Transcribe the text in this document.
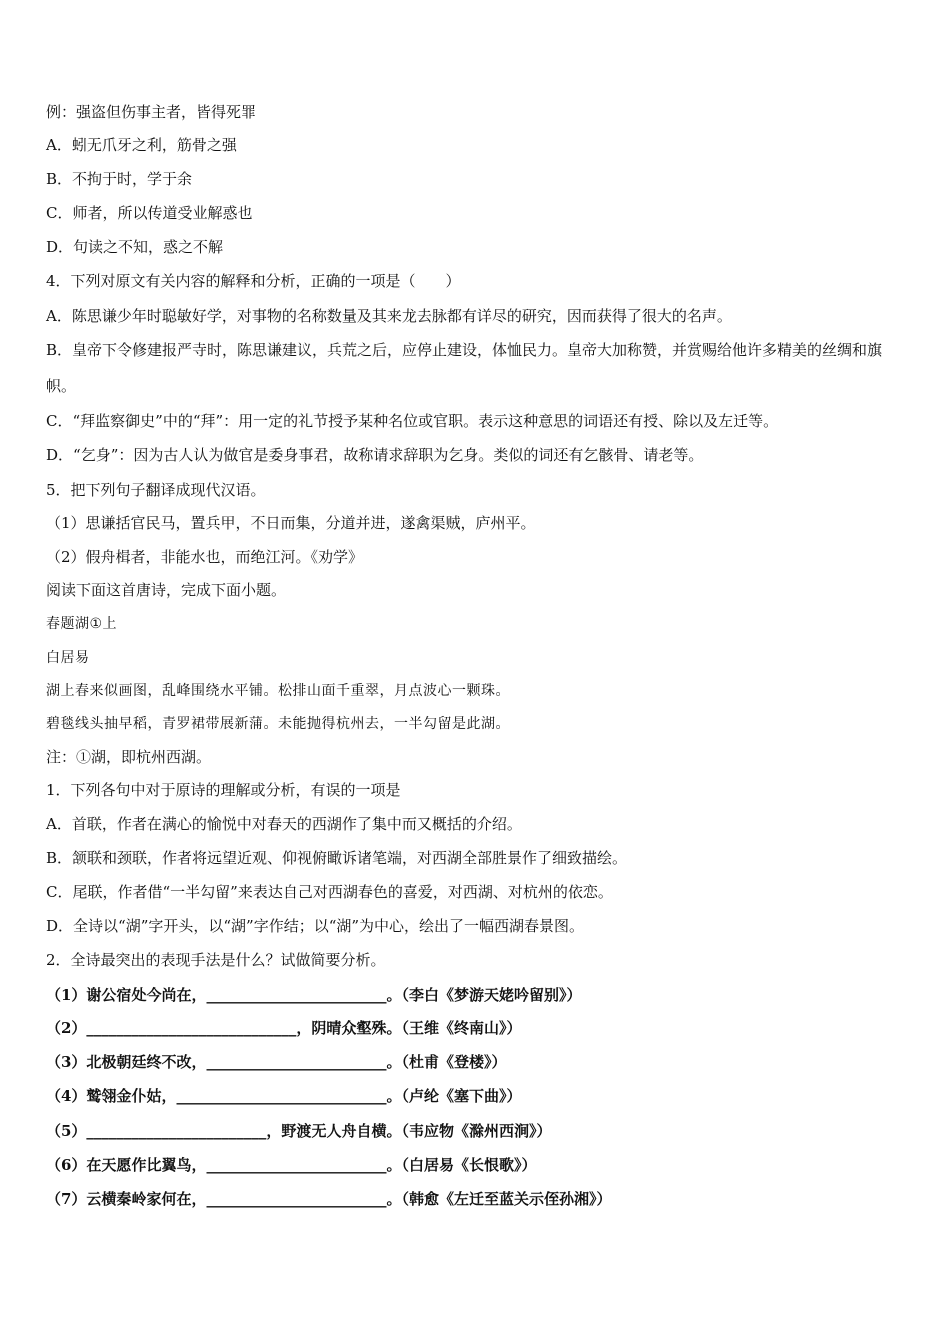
例：强盗但伤事主者，皆得死罪
A．蚓无爪牙之利，筋骨之强
B．不拘于时，学于余
C．师者，所以传道受业解惑也
D．句读之不知，惑之不解
4．下列对原文有关内容的解释和分析，正确的一项是（　　）
A．陈思谦少年时聪敏好学，对事物的名称数量及其来龙去脉都有详尽的研究，因而获得了很大的名声。
B．皇帝下令修建报严寺时，陈思谦建议，兵荒之后，应停止建设，体恤民力。皇帝大加称赞，并赏赐给他许多精美的丝绸和旗帜。
C．“拜监察御史”中的“拜”：用一定的礼节授予某种名位或官职。表示这种意思的词语还有授、除以及左迁等。
D．“乞身”：因为古人认为做官是委身事君，故称请求辞职为乞身。类似的词还有乞骸骨、请老等。
5．把下列句子翻译成现代汉语。
（1）思谦括官民马，置兵甲，不日而集，分道并进，遂禽渠贼，庐州平。
（2）假舟楫者，非能水也，而绝江河。《劝学》
阅读下面这首唐诗，完成下面小题。
春题湖①上
白居易
湖上春来似画图，乱峰围绕水平铺。松排山面千重翠，月点波心一颗珠。
碧毯线头抽早稻，青罗裙带展新蒲。未能抛得杭州去，一半勾留是此湖。
注：①湖，即杭州西湖。
1．下列各句中对于原诗的理解或分析，有误的一项是
A．首联，作者在满心的愉悦中对春天的西湖作了集中而又概括的介绍。
B．颔联和颈联，作者将远望近观、仰视俯瞰诉诸笔端，对西湖全部胜景作了细致描绘。
C．尾联，作者借“一半勾留”来表达自己对西湖春色的喜爱，对西湖、对杭州的依恋。
D．全诗以“湖”字开头，以“湖”字作结；以“湖”为中心，绘出了一幅西湖春景图。
2．全诗最突出的表现手法是什么？试做简要分析。
（1）谢公宿处今尚在，________________________。（李白《梦游天姥吟留别》）
（2）____________________________，阴晴众壑殊。（王维《终南山》）
（3）北极朝廷终不改，________________________。（杜甫《登楼》）
（4）鹫翎金仆姑，____________________________。（卢纶《塞下曲》）
（5）________________________，野渡无人舟自横。（韦应物《滁州西涧》）
（6）在天愿作比翼鸟，________________________。（白居易《长恨歌》）
（7）云横秦岭家何在，________________________。（韩愈《左迁至蓝关示侄孙湘》）
